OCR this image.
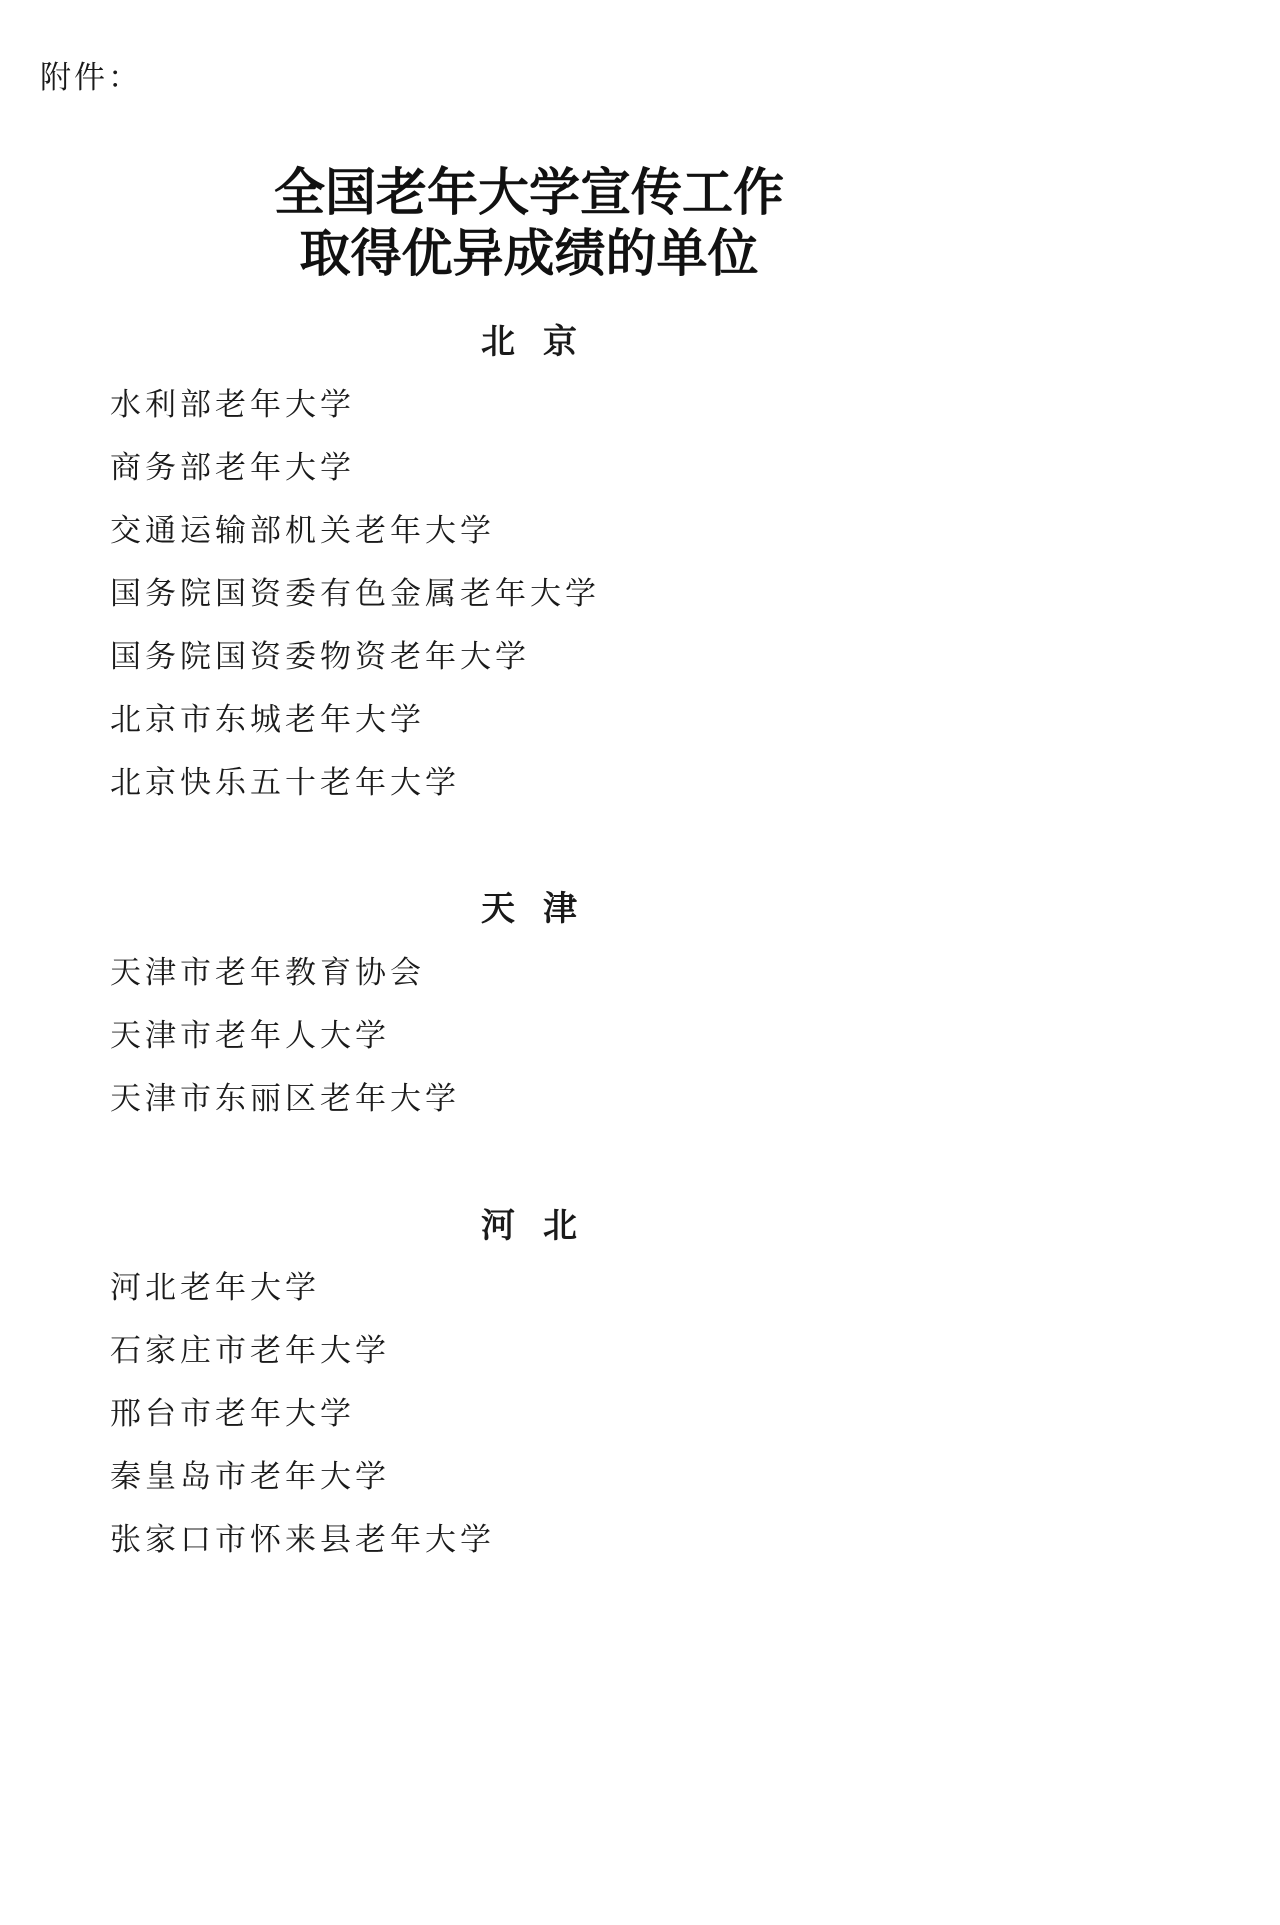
附件：
全国老年大学宣传工作
取得优异成绩的单位
北京
水利部老年大学
商务部老年大学
交通运输部机关老年大学
国务院国资委有色金属老年大学
国务院国资委物资老年大学
北京市东城老年大学
北京快乐五十老年大学
天津
天津市老年教育协会
天津市老年人大学
天津市东丽区老年大学
河北
河北老年大学
石家庄市老年大学
邢台市老年大学
秦皇岛市老年大学
张家口市怀来县老年大学
